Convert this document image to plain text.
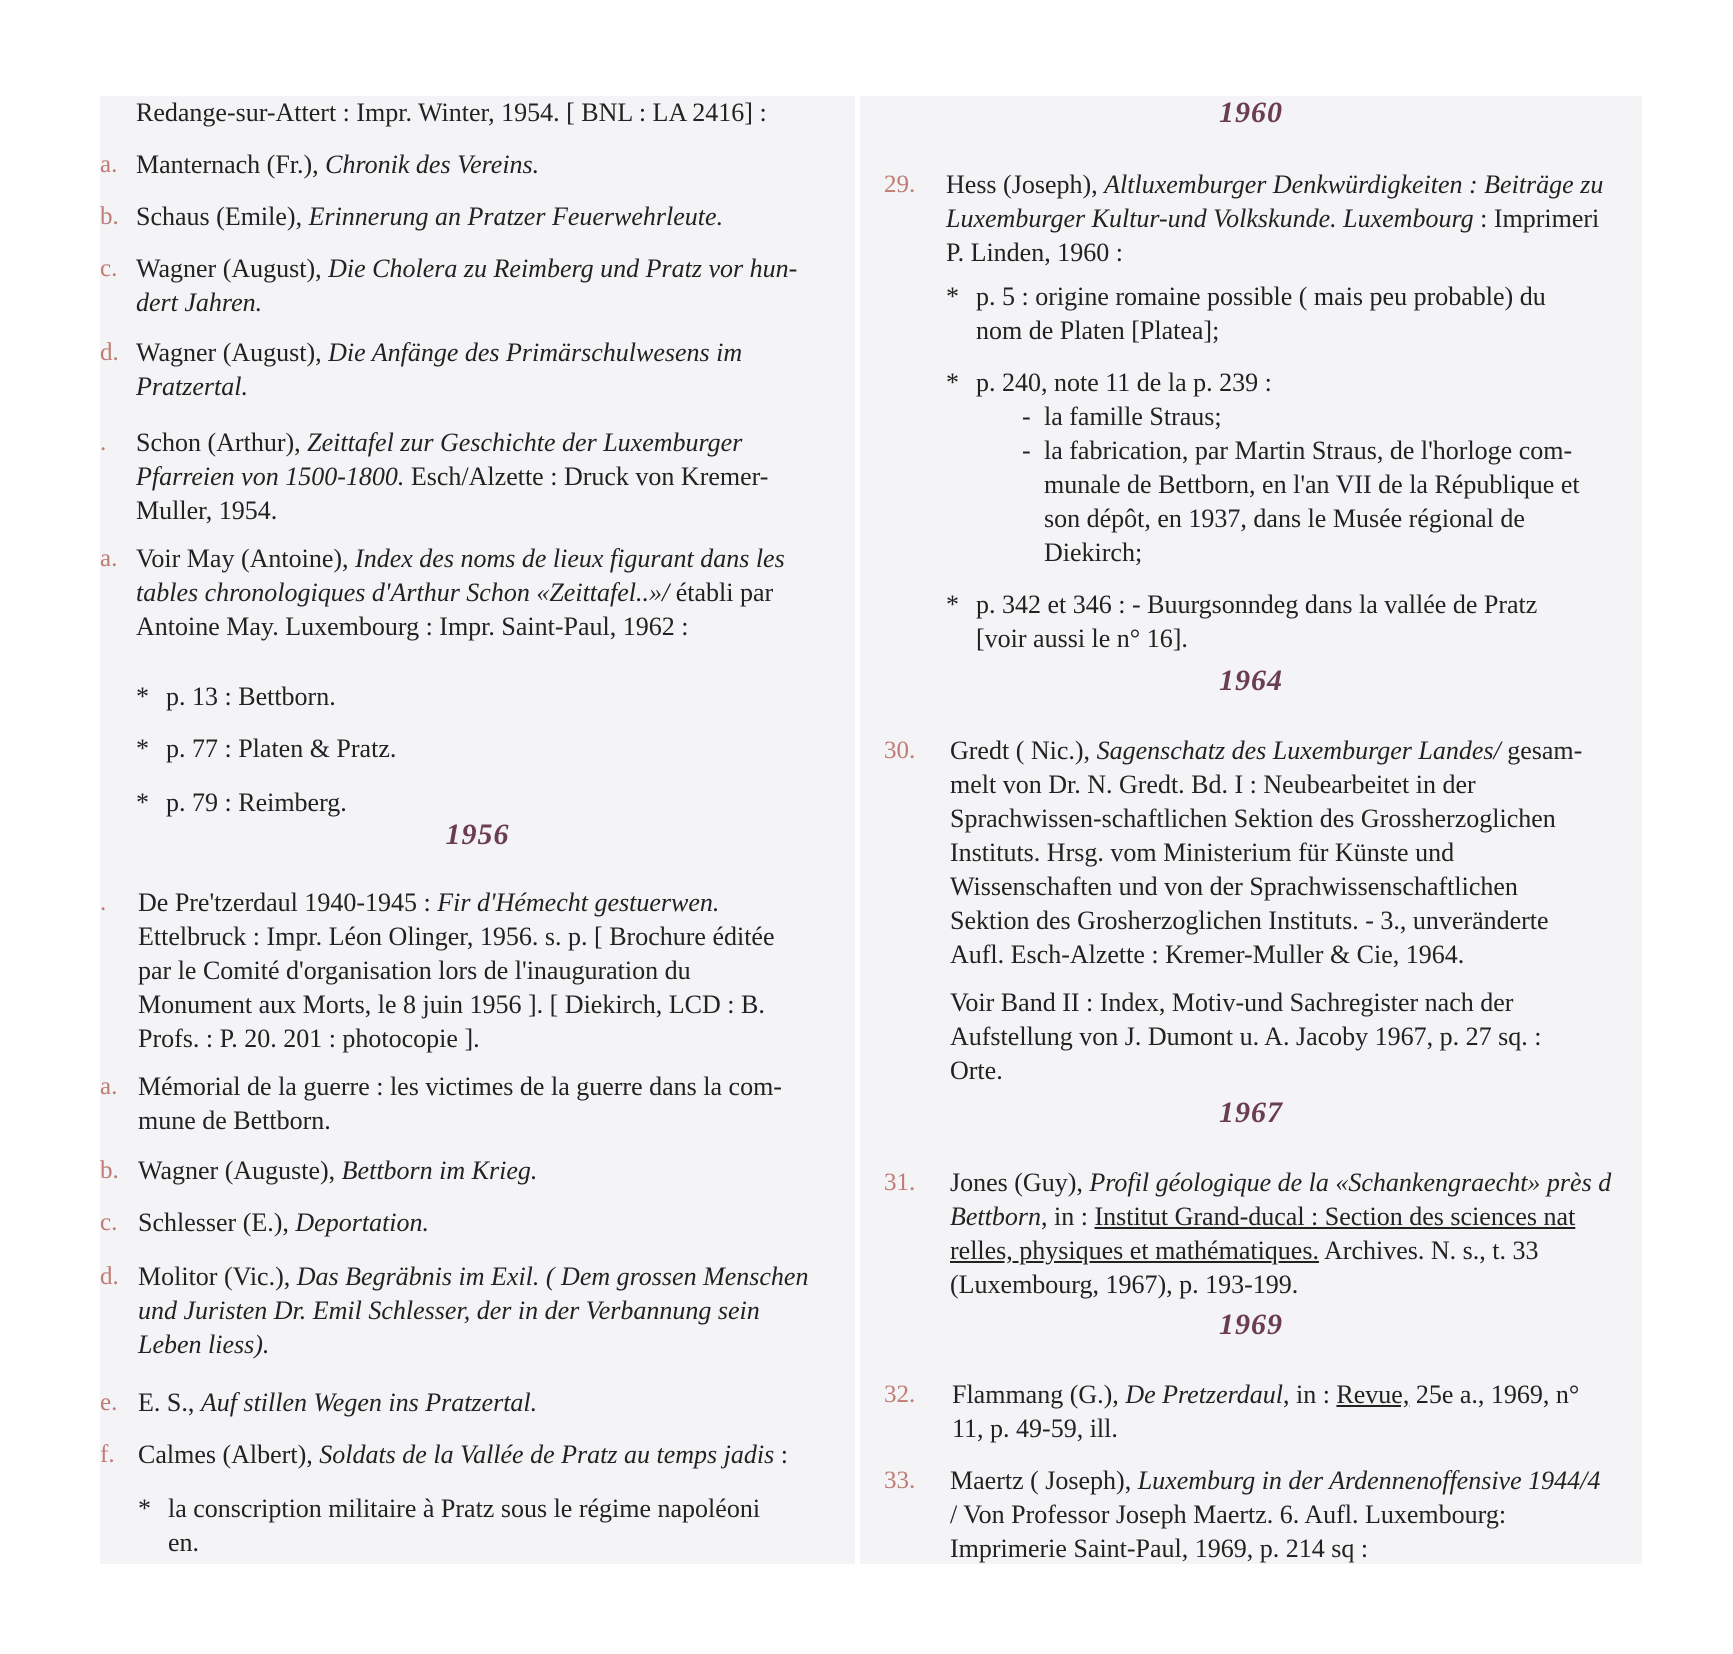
Redange-sur-Attert : Impr. Winter, 1954. [ BNL : LA 2416] :
a. Manternach (Fr.), Chronik des Vereins.
b. Schaus (Emile), Erinnerung an Pratzer Feuerwehrleute.
c. Wagner (August), Die Cholera zu Reimberg und Pratz vor hun-
dert Jahren.
d. Wagner (August), Die Anfänge des Primärschulwesens im
Pratzertal.
. Schon (Arthur), Zeittafel zur Geschichte der Luxemburger
Pfarreien von 1500-1800. Esch/Alzette : Druck von Kremer-
Muller, 1954.
a. Voir May (Antoine), Index des noms de lieux figurant dans les
tables chronologiques d'Arthur Schon «Zeittafel..»/ établi par
Antoine May. Luxembourg : Impr. Saint-Paul, 1962 :
* p. 13 : Bettborn.
* p. 77 : Platen & Pratz.
* p. 79 : Reimberg.
1956
. De Pre'tzerdaul 1940-1945 : Fir d'Hémecht gestuerwen.
Ettelbruck : Impr. Léon Olinger, 1956. s. p. [ Brochure éditée
par le Comité d'organisation lors de l'inauguration du
Monument aux Morts, le 8 juin 1956 ]. [ Diekirch, LCD : B.
Profs. : P. 20. 201 : photocopie ].
a. Mémorial de la guerre : les victimes de la guerre dans la com-
mune de Bettborn.
b. Wagner (Auguste), Bettborn im Krieg.
c. Schlesser (E.), Deportation.
d. Molitor (Vic.), Das Begräbnis im Exil. ( Dem grossen Menschen
und Juristen Dr. Emil Schlesser, der in der Verbannung sein
Leben liess).
e. E. S., Auf stillen Wegen ins Pratzertal.
f. Calmes (Albert), Soldats de la Vallée de Pratz au temps jadis :
* la conscription militaire à Pratz sous le régime napoléoni
en.
1960
29. Hess (Joseph), Altluxemburger Denkwürdigkeiten : Beiträge zu
Luxemburger Kultur-und Volkskunde. Luxembourg : Imprimeri
P. Linden, 1960 :
* p. 5 : origine romaine possible ( mais peu probable) du
nom de Platen [Platea];
* p. 240, note 11 de la p. 239 :
- la famille Straus;
- la fabrication, par Martin Straus, de l'horloge com-
munale de Bettborn, en l'an VII de la République et
son dépôt, en 1937, dans le Musée régional de
Diekirch;
* p. 342 et 346 : - Buurgsonndeg dans la vallée de Pratz
[voir aussi le n° 16].
1964
30. Gredt ( Nic.), Sagenschatz des Luxemburger Landes/ gesam-
melt von Dr. N. Gredt. Bd. I : Neubearbeitet in der
Sprachwissen-schaftlichen Sektion des Grossherzoglichen
Instituts. Hrsg. vom Ministerium für Künste und
Wissenschaften und von der Sprachwissenschaftlichen
Sektion des Grosherzoglichen Instituts. - 3., unveränderte
Aufl. Esch-Alzette : Kremer-Muller & Cie, 1964.
Voir Band II : Index, Motiv-und Sachregister nach der
Aufstellung von J. Dumont u. A. Jacoby 1967, p. 27 sq. :
Orte.
1967
31. Jones (Guy), Profil géologique de la «Schankengraecht» près d
Bettborn, in : Institut Grand-ducal : Section des sciences nat
relles, physiques et mathématiques. Archives. N. s., t. 33
(Luxembourg, 1967), p. 193-199.
1969
32. Flammang (G.), De Pretzerdaul, in : Revue, 25e a., 1969, n°
11, p. 49-59, ill.
33. Maertz ( Joseph), Luxemburg in der Ardennenoffensive 1944/4
/ Von Professor Joseph Maertz. 6. Aufl. Luxembourg:
Imprimerie Saint-Paul, 1969, p. 214 sq :
